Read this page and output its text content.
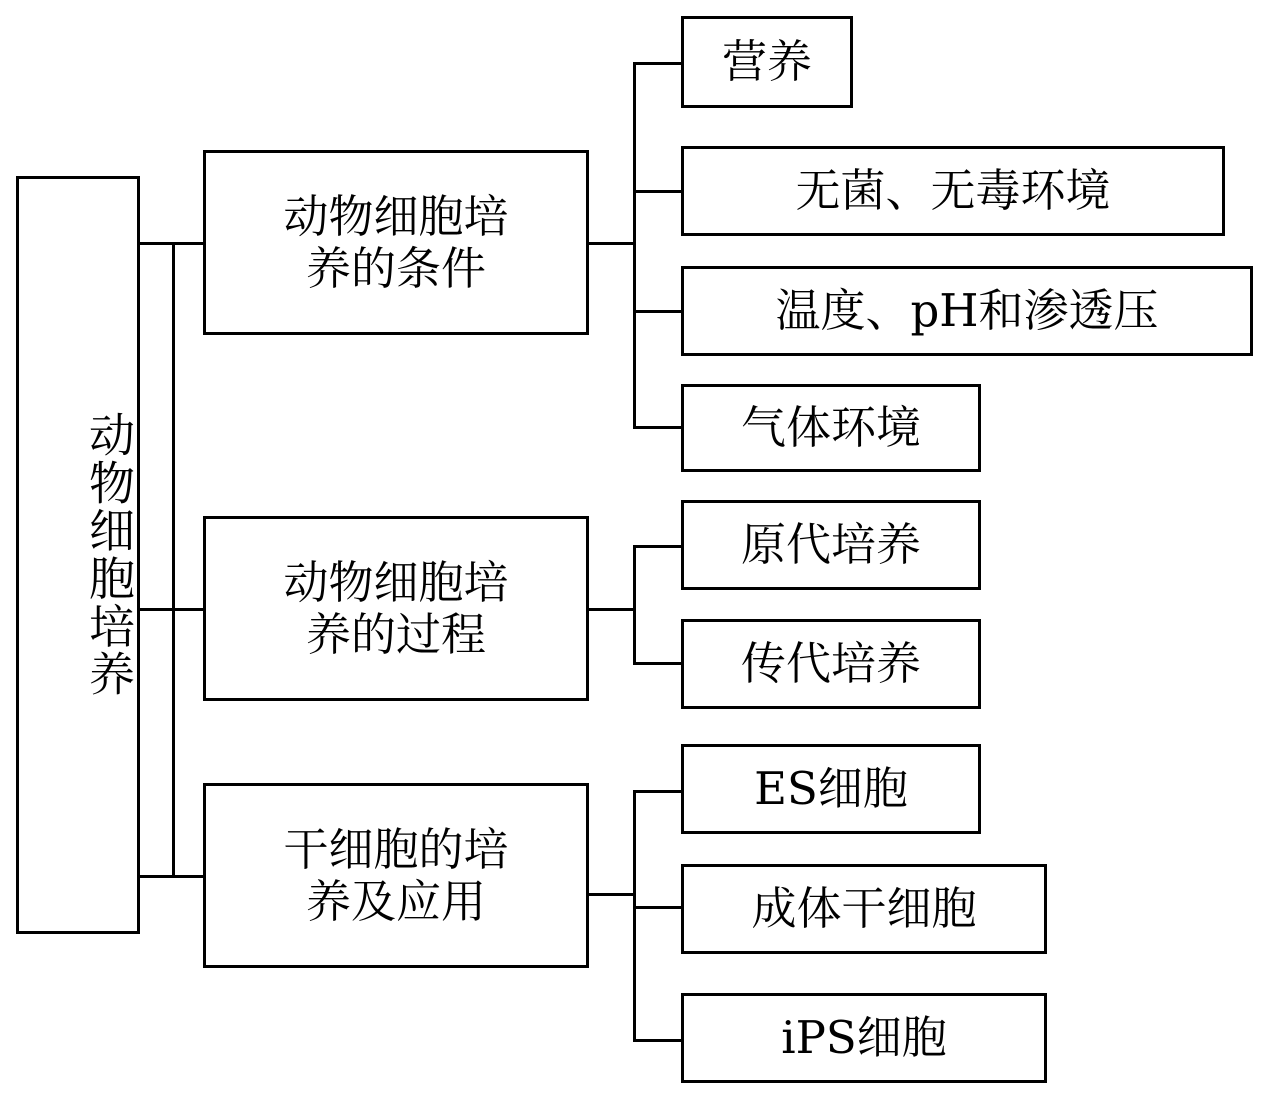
动物细胞培养
动物细胞培
养的条件
营养
无菌、无毒环境
温度、pH和渗透压
气体环境
动物细胞培
养的过程
原代培养
传代培养
干细胞的培
养及应用
ES细胞
成体干细胞
iPS细胞
